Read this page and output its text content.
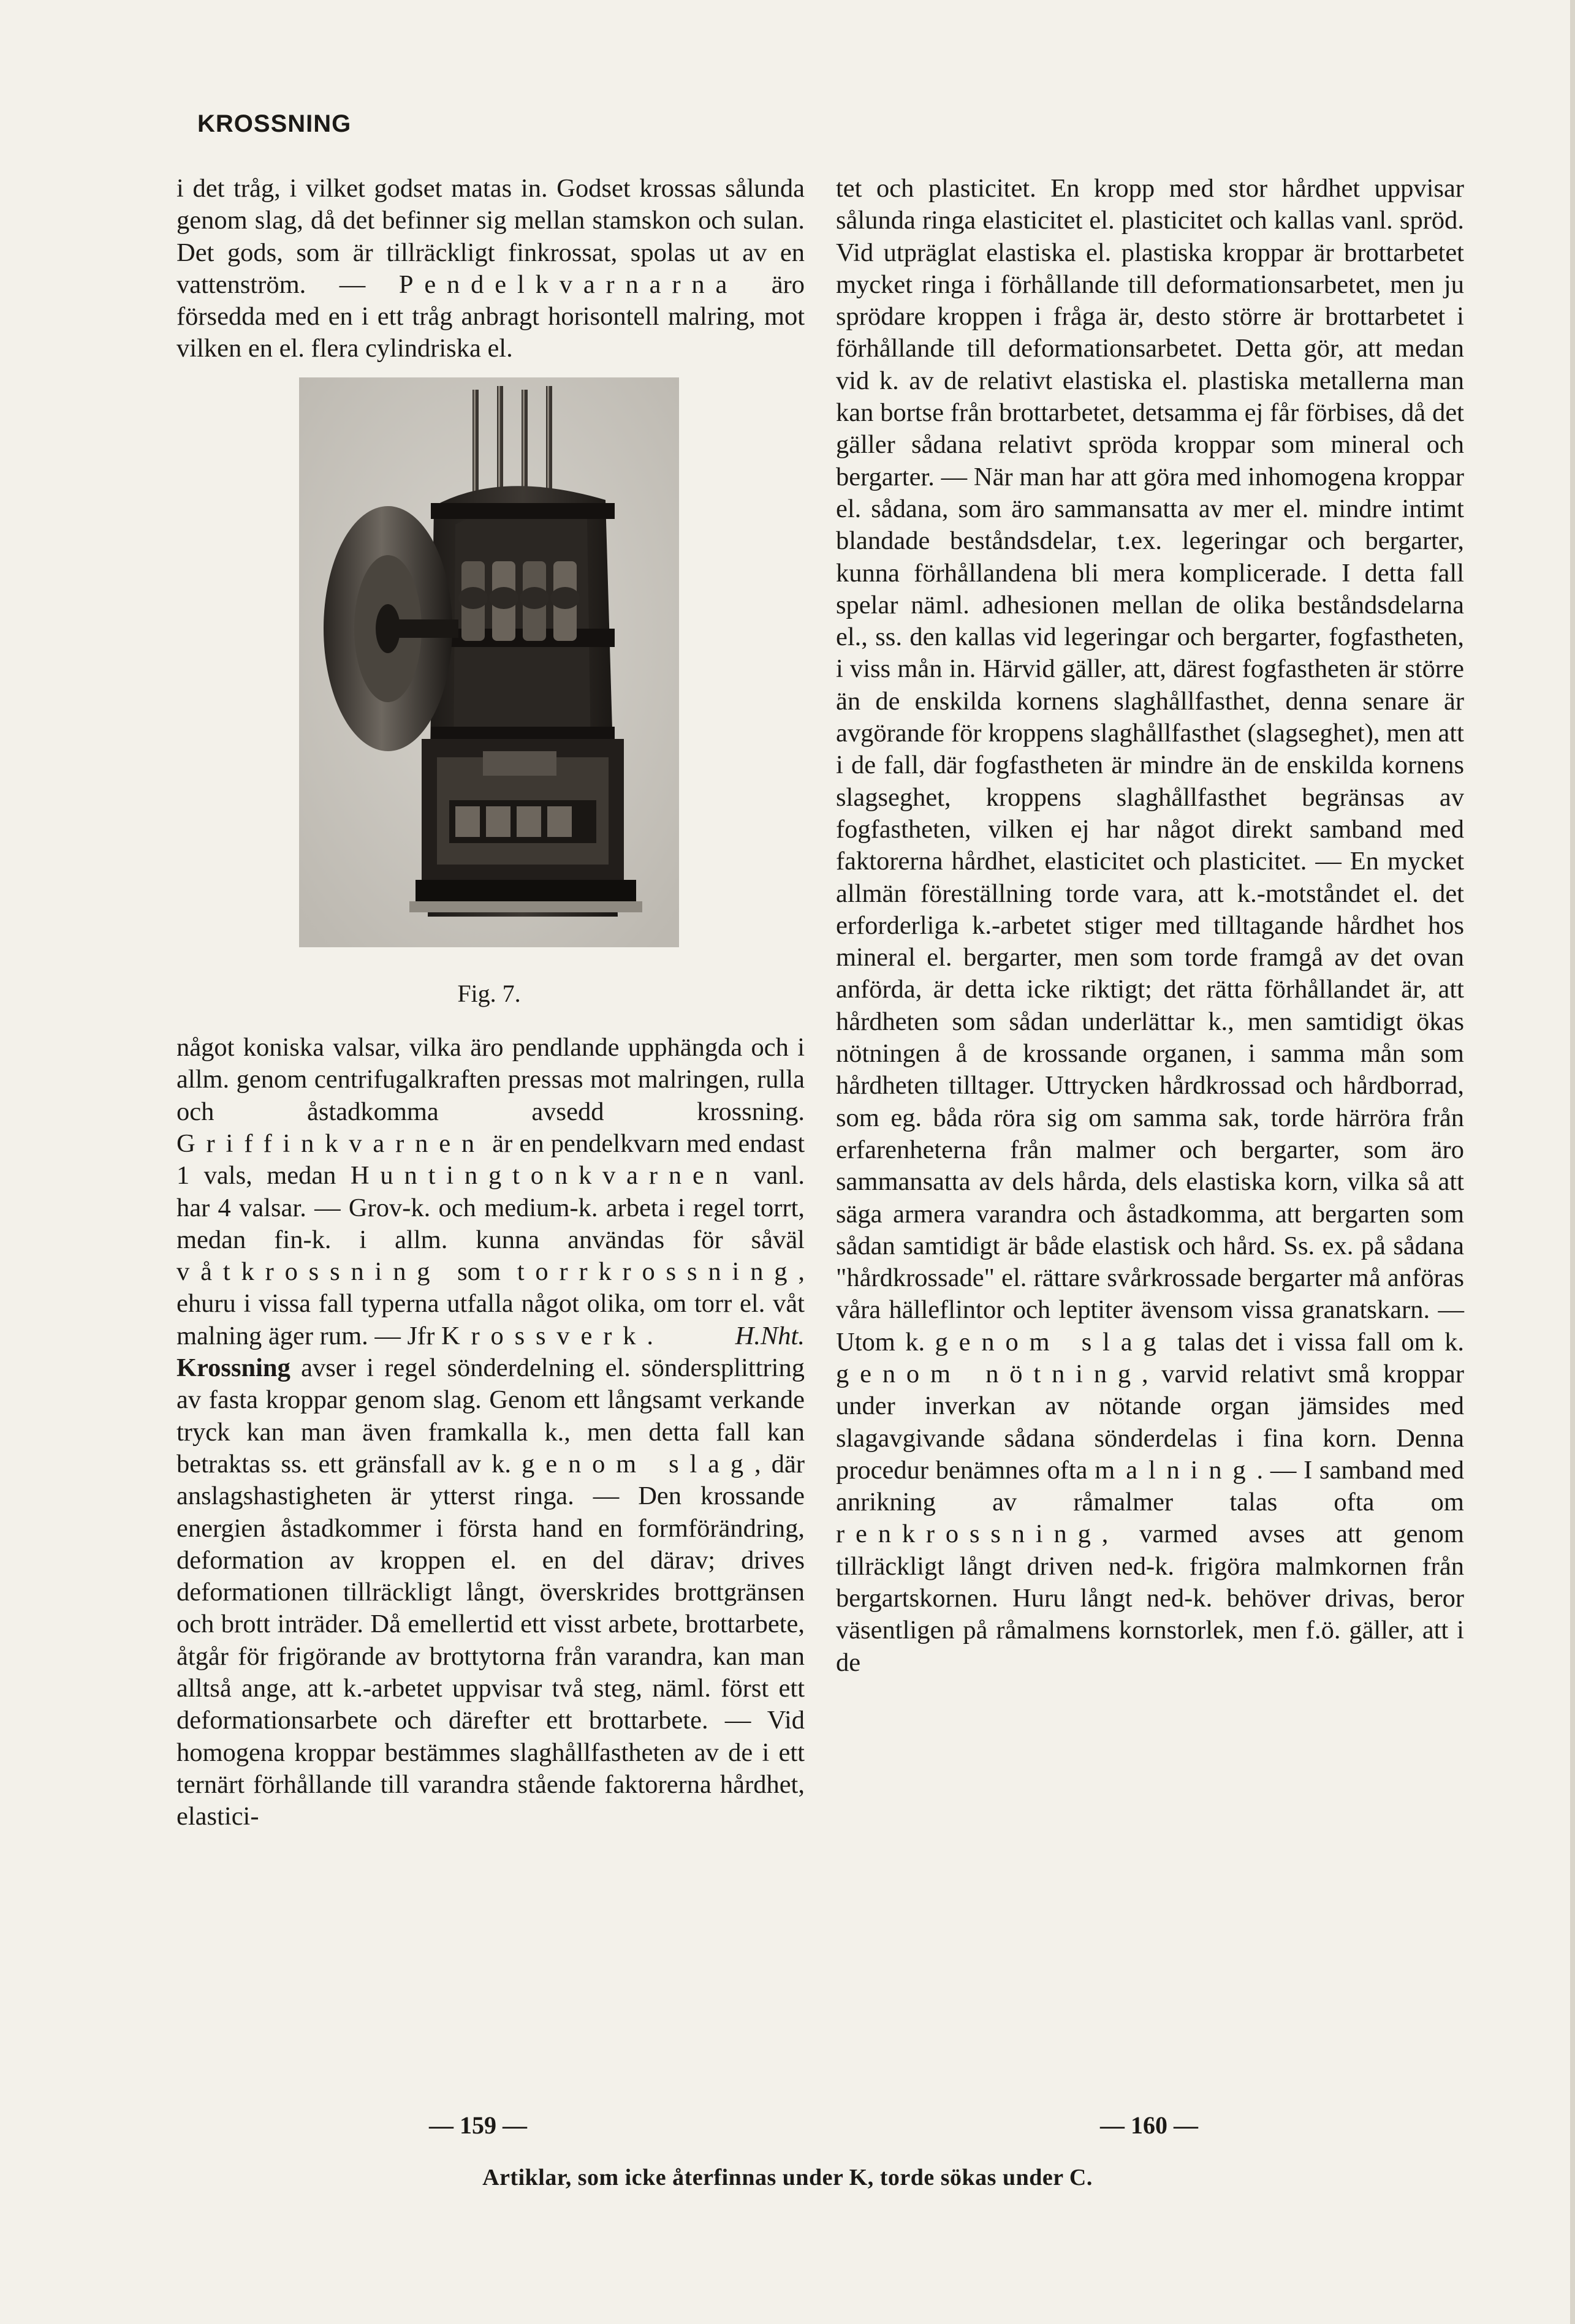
KROSSNING

i det tråg, i vilket godset matas in. Godset krossas sålunda genom slag, då det befinner sig mellan stamskon och sulan. Det gods, som är tillräckligt finkrossat, spolas ut av en vattenström. — Pendelkvarnarna äro försedda med en i ett tråg anbragt horisontell malring, mot vilken en el. flera cylindriska el.

Fig. 7.

något koniska valsar, vilka äro pendlande upphängda och i allm. genom centrifugalkraften pressas mot malringen, rulla och åstadkomma avsedd krossning. Griffinkvarnen är en pendelkvarn med endast 1 vals, medan Huntingtonkvarnen vanl. har 4 valsar. — Grov-k. och medium-k. arbeta i regel torrt, medan fin-k. i allm. kunna användas för såväl våtkrossning som torrkrossning, ehuru i vissa fall typerna utfalla något olika, om torr el. våt malning äger rum. — Jfr Krossverk.	H.Nht.

Krossning avser i regel sönderdelning el. söndersplittring av fasta kroppar genom slag. Genom ett långsamt verkande tryck kan man även framkalla k., men detta fall kan betraktas ss. ett gränsfall av k. genom slag, där anslagshastigheten är ytterst ringa. — Den krossande energien åstadkommer i första hand en formförändring, deformation av kroppen el. en del därav; drives deformationen tillräckligt långt, överskrides brottgränsen och brott inträder. Då emellertid ett visst arbete, brottarbete, åtgår för frigörande av brottytorna från varandra, kan man alltså ange, att k.-arbetet uppvisar två steg, näml. först ett deformationsarbete och därefter ett brottarbete. — Vid homogena kroppar bestämmes slaghållfastheten av de i ett ternärt förhållande till varandra stående faktorerna hårdhet, elastici-

tet och plasticitet. En kropp med stor hårdhet uppvisar sålunda ringa elasticitet el. plasticitet och kallas vanl. spröd. Vid utpräglat elastiska el. plastiska kroppar är brottarbetet mycket ringa i förhållande till deformationsarbetet, men ju sprödare kroppen i fråga är, desto större är brottarbetet i förhållande till deformationsarbetet. Detta gör, att medan vid k. av de relativt elastiska el. plastiska metallerna man kan bortse från brottarbetet, detsamma ej får förbises, då det gäller sådana relativt spröda kroppar som mineral och bergarter. — När man har att göra med inhomogena kroppar el. sådana, som äro sammansatta av mer el. mindre intimt blandade beståndsdelar, t.ex. legeringar och bergarter, kunna förhållandena bli mera komplicerade. I detta fall spelar näml. adhesionen mellan de olika beståndsdelarna el., ss. den kallas vid legeringar och bergarter, fogfastheten, i viss mån in. Härvid gäller, att, därest fogfastheten är större än de enskilda kornens slaghållfasthet, denna senare är avgörande för kroppens slaghållfasthet (slagseghet), men att i de fall, där fogfastheten är mindre än de enskilda kornens slagseghet, kroppens slaghållfasthet begränsas av fogfastheten, vilken ej har något direkt samband med faktorerna hårdhet, elasticitet och plasticitet. — En mycket allmän föreställning torde vara, att k.-motståndet el. det erforderliga k.-arbetet stiger med tilltagande hårdhet hos mineral el. bergarter, men som torde framgå av det ovan anförda, är detta icke riktigt; det rätta förhållandet är, att hårdheten som sådan underlättar k., men samtidigt ökas nötningen å de krossande organen, i samma mån som hårdheten tilltager. Uttrycken hårdkrossad och hårdborrad, som eg. båda röra sig om samma sak, torde härröra från erfarenheterna från malmer och bergarter, som äro sammansatta av dels hårda, dels elastiska korn, vilka så att säga armera varandra och åstadkomma, att bergarten som sådan samtidigt är både elastisk och hård. Ss. ex. på sådana "hårdkrossade" el. rättare svårkrossade bergarter må anföras våra hälleflintor och leptiter ävensom vissa granatskarn. — Utom k. genom slag talas det i vissa fall om k. genom nötning, varvid relativt små kroppar under inverkan av nötande organ jämsides med slagavgivande sådana sönderdelas i fina korn. Denna procedur benämnes ofta malning. — I samband med anrikning av råmalmer talas ofta om renkrossning, varmed avses att genom tillräckligt långt driven ned-k. frigöra malmkornen från bergartskornen. Huru långt ned-k. behöver drivas, beror väsentligen på råmalmens kornstorlek, men f.ö. gäller, att i de

— 159 —	— 160 —
Artiklar, som icke återfinnas under K, torde sökas under C.
